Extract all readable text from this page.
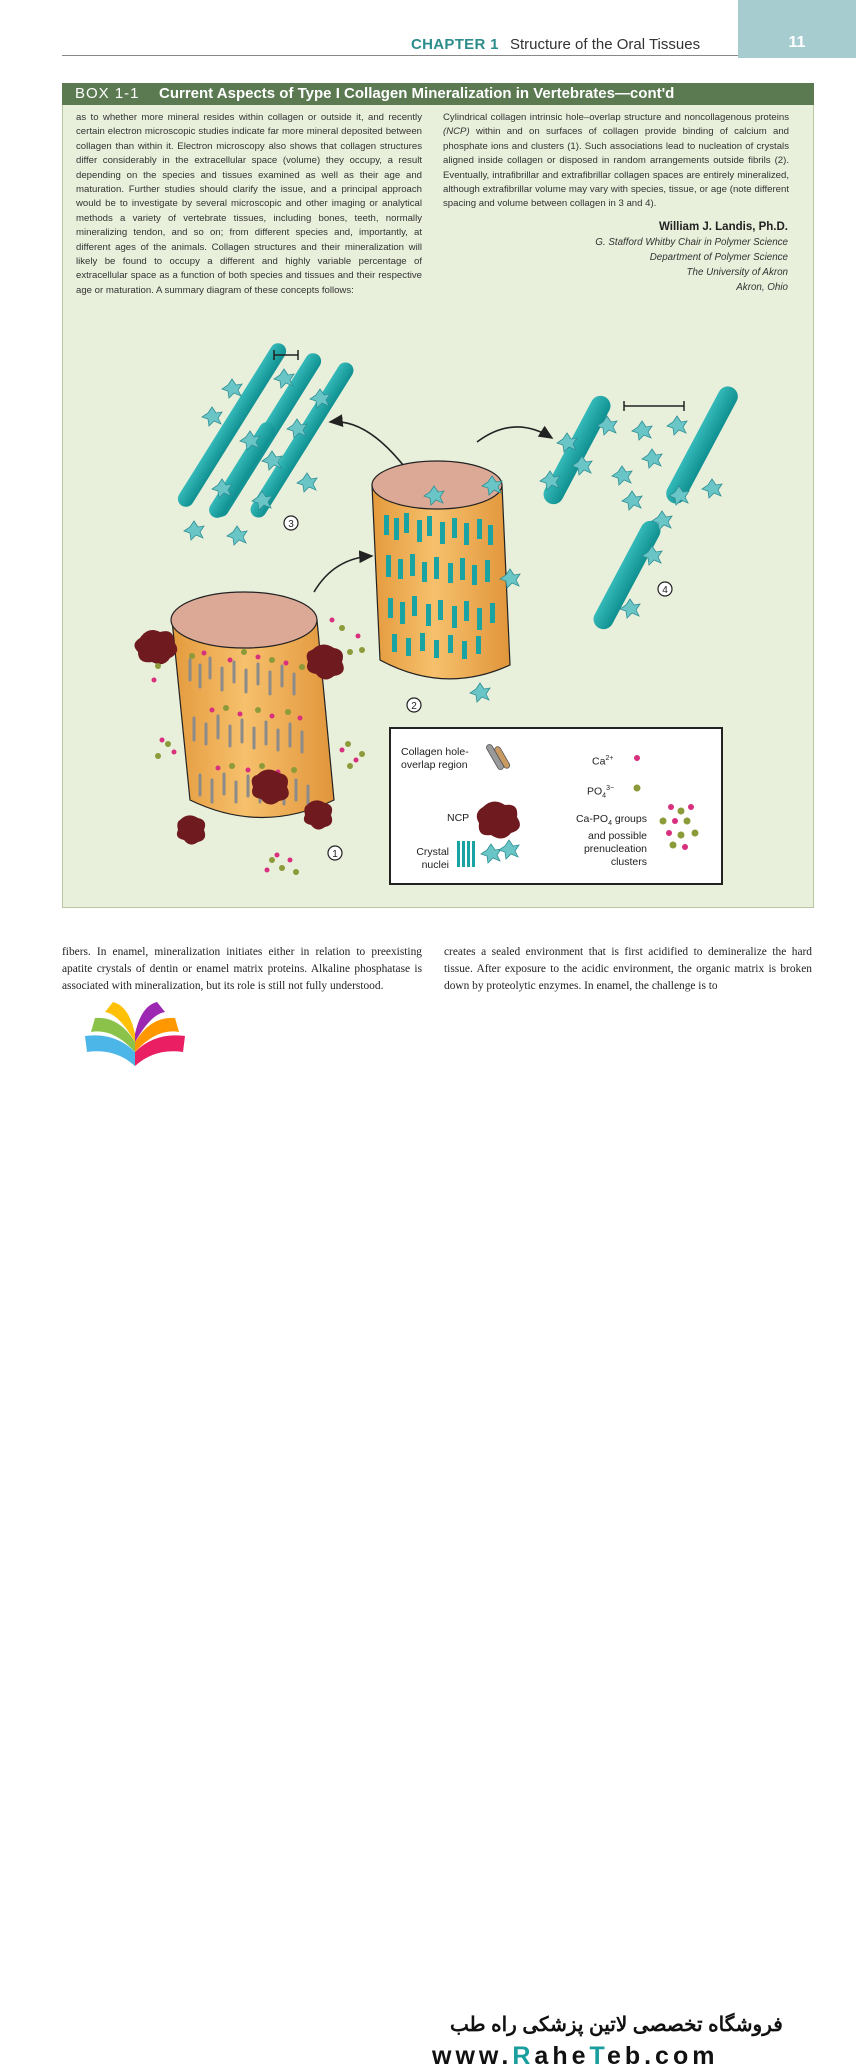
CHAPTER 1 Structure of the Oral Tissues	11
BOX 1-1 Current Aspects of Type I Collagen Mineralization in Vertebrates—cont'd
as to whether more mineral resides within collagen or outside it, and recently certain electron microscopic studies indicate far more mineral deposited between collagen than within it. Electron microscopy also shows that collagen structures differ considerably in the extracellular space (volume) they occupy, a result depending on the species and tissues examined as well as their age and maturation. Further studies should clarify the issue, and a principal approach would be to investigate by several microscopic and other imaging or analytical methods a variety of vertebrate tissues, including bones, teeth, normally mineralizing tendon, and so on; from different species and, importantly, at different ages of the animals. Collagen structures and their mineralization will likely be found to occupy a different and highly variable percentage of extracellular space as a function of both species and tissues and their respective age or maturation. A summary diagram of these concepts follows:
Cylindrical collagen intrinsic hole–overlap structure and noncollagenous proteins (NCP) within and on surfaces of collagen provide binding of calcium and phosphate ions and clusters (1). Such associations lead to nucleation of crystals aligned inside collagen or disposed in random arrangements outside fibrils (2). Eventually, intrafibrillar and extrafibrillar collagen spaces are entirely mineralized, although extrafibrillar volume may vary with species, tissue, or age (note different spacing and volume between collagen in 3 and 4).
William J. Landis, Ph.D.
G. Stafford Whitby Chair in Polymer Science
Department of Polymer Science
The University of Akron
Akron, Ohio
3
4
2
1
Collagen hole-
overlap region	$Ca^{2+}$
$PO_4^{3-}$
NCP	$Ca-PO_4$ groups
and possible
prenucleation
clusters
Crystal
nuclei
fibers. In enamel, mineralization initiates either in relation to preexisting apatite crystals of dentin or enamel matrix proteins. Alkaline phosphatase is associated with mineralization, but its role is still not fully understood.
creates a sealed environment that is first acidified to demineralize the hard tissue. After exposure to the acidic environment, the organic matrix is broken down by proteolytic enzymes. In enamel, the challenge is to
فروشگاه تخصصی لاتین پزشکی راه طب
www.RaheTeb.com
